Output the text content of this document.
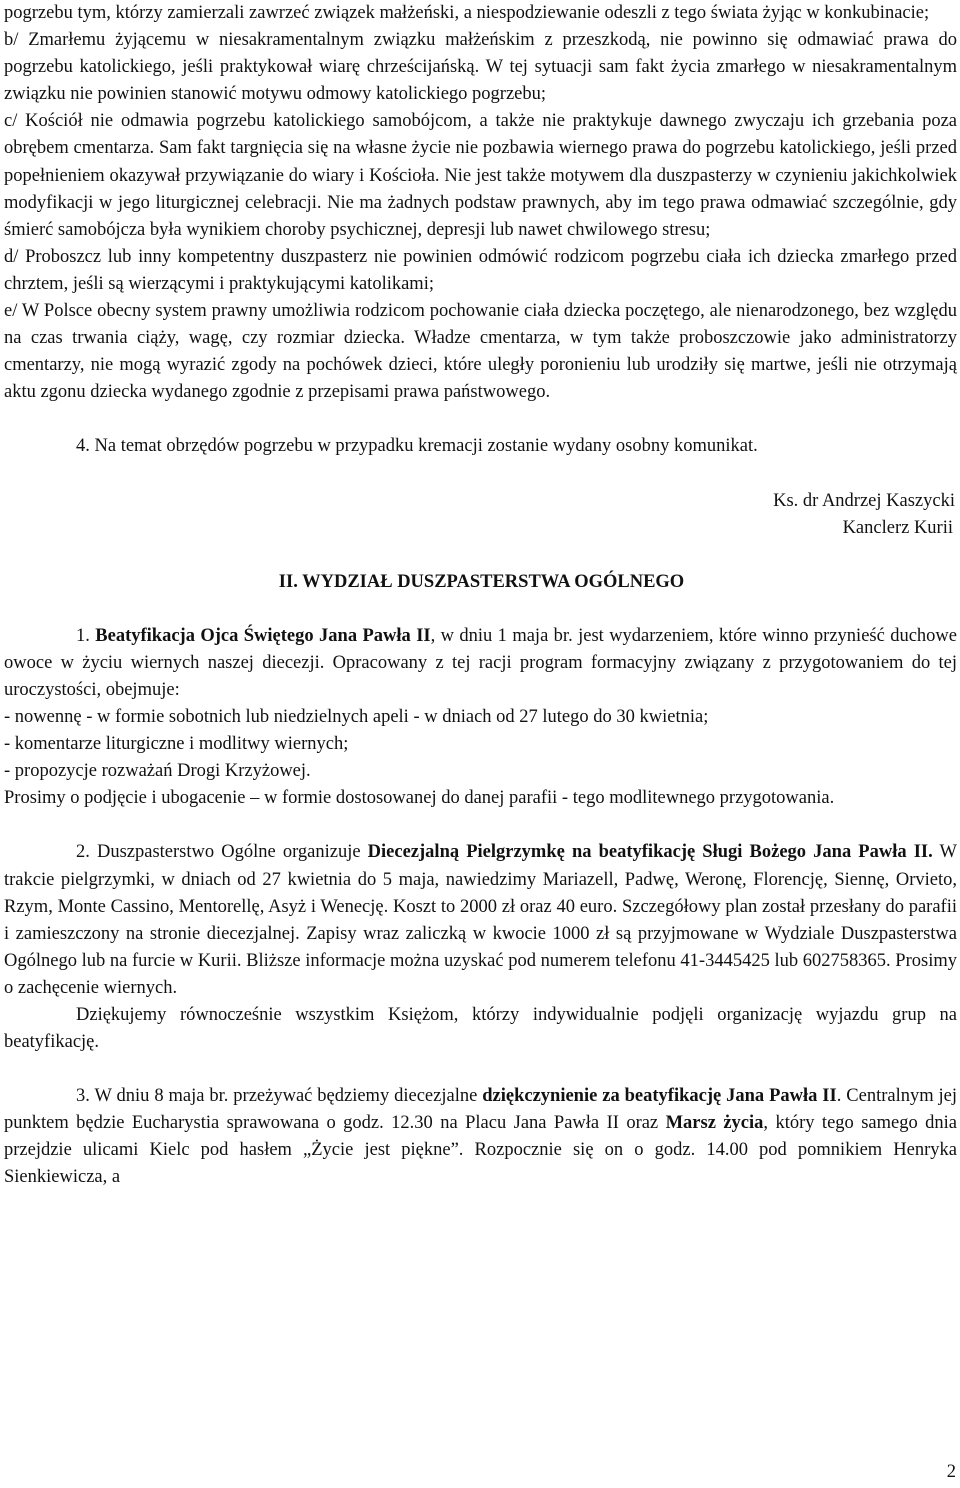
pogrzebu tym, którzy zamierzali zawrzeć związek małżeński, a niespodziewanie odeszli z tego świata żyjąc w konkubinacie;

b/ Zmarłemu żyjącemu w niesakramentalnym związku małżeńskim z przeszkodą, nie powinno się odmawiać prawa do pogrzebu katolickiego, jeśli praktykował wiarę chrześcijańską. W tej sytuacji sam fakt życia zmarłego w niesakramentalnym związku nie powinien stanowić motywu odmowy katolickiego pogrzebu;

c/ Kościół nie odmawia pogrzebu katolickiego samobójcom, a także nie praktykuje dawnego zwyczaju ich grzebania poza obrębem cmentarza. Sam fakt targnięcia się na własne życie nie pozbawia wiernego prawa do pogrzebu katolickiego, jeśli przed popełnieniem okazywał przywiązanie do wiary i Kościoła. Nie jest także motywem dla duszpasterzy w czynieniu jakichkolwiek modyfikacji w jego liturgicznej celebracji. Nie ma żadnych podstaw prawnych, aby im tego prawa odmawiać szczególnie, gdy śmierć samobójcza była wynikiem choroby psychicznej, depresji lub nawet chwilowego stresu;

d/ Proboszcz lub inny kompetentny duszpasterz nie powinien odmówić rodzicom pogrzebu ciała ich dziecka zmarłego przed chrztem, jeśli są wierzącymi i praktykującymi katolikami;

e/ W Polsce obecny system prawny umożliwia rodzicom pochowanie ciała dziecka poczętego, ale nienarodzonego, bez względu na czas trwania ciąży, wagę, czy rozmiar dziecka. Władze cmentarza, w tym także proboszczowie jako administratorzy cmentarzy, nie mogą wyrazić zgody na pochówek dzieci, które uległy poronieniu lub urodziły się martwe, jeśli nie otrzymają aktu zgonu dziecka wydanego zgodnie z przepisami prawa państwowego.

4. Na temat obrzędów pogrzebu w przypadku kremacji zostanie wydany osobny komunikat.

Ks. dr Andrzej Kaszycki
Kanclerz Kurii

II. WYDZIAŁ DUSZPASTERSTWA OGÓLNEGO

1. Beatyfikacja Ojca Świętego Jana Pawła II, w dniu 1 maja br. jest wydarzeniem, które winno przynieść duchowe owoce w życiu wiernych naszej diecezji. Opracowany z tej racji program formacyjny związany z przygotowaniem do tej uroczystości, obejmuje:

- nowennę - w formie sobotnich lub niedzielnych apeli - w dniach od 27 lutego do 30 kwietnia;

- komentarze liturgiczne i modlitwy wiernych;

- propozycje rozważań Drogi Krzyżowej.

Prosimy o podjęcie i ubogacenie – w formie dostosowanej do danej parafii - tego modlitewnego przygotowania.

2. Duszpasterstwo Ogólne organizuje Diecezjalną Pielgrzymkę na beatyfikację Sługi Bożego Jana Pawła II. W trakcie pielgrzymki, w dniach od 27 kwietnia do 5 maja, nawiedzimy Mariazell, Padwę, Weronę, Florencję, Siennę, Orvieto, Rzym, Monte Cassino, Mentorellę, Asyż i Wenecję. Koszt to 2000 zł oraz 40 euro. Szczegółowy plan został przesłany do parafii i zamieszczony na stronie diecezjalnej. Zapisy wraz zaliczką w kwocie 1000 zł są przyjmowane w Wydziale Duszpasterstwa Ogólnego lub na furcie w Kurii. Bliższe informacje można uzyskać pod numerem telefonu 41-3445425 lub 602758365. Prosimy o zachęcenie wiernych.

Dziękujemy równocześnie wszystkim Księżom, którzy indywidualnie podjęli organizację wyjazdu grup na beatyfikację.

3. W dniu 8 maja br. przeżywać będziemy diecezjalne dziękczynienie za beatyfikację Jana Pawła II. Centralnym jej punktem będzie Eucharystia sprawowana o godz. 12.30 na Placu Jana Pawła II oraz Marsz życia, który tego samego dnia przejdzie ulicami Kielc pod hasłem „Życie jest piękne”. Rozpocznie się on o godz. 14.00 pod pomnikiem Henryka Sienkiewicza, a

2
